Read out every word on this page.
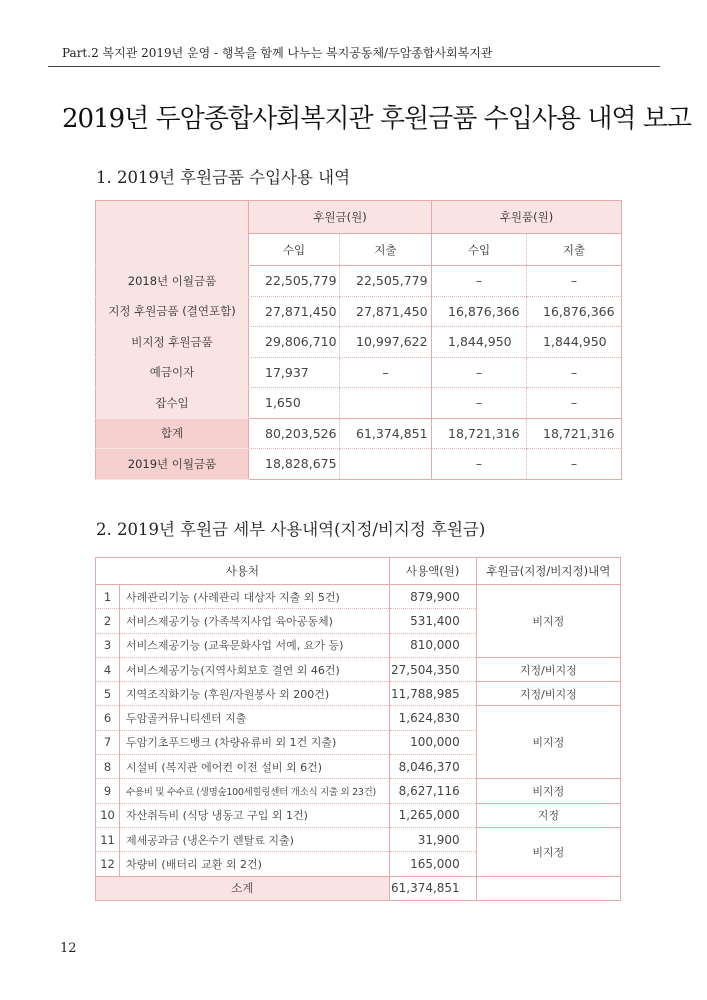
Part.2 복지관 2019년 운영 - 행복을 함께 나누는 복지공동체/두암종합사회복지관
2019년 두암종합사회복지관 후원금품 수입사용 내역 보고
1. 2019년 후원금품 수입사용 내역
	후원금(원)		후원품(원)	
	수입	지출	수입	지출
2018년 이월금품	22,505,779	22,505,779	–	–
지정 후원금품 (결연포함)	27,871,450	27,871,450	16,876,366	16,876,366
비지정 후원금품	29,806,710	10,997,622	1,844,950	1,844,950
예금이자	17,937	–	–	–
잡수입	1,650		–	–
합계	80,203,526	61,374,851	18,721,316	18,721,316
2019년 이월금품	18,828,675		–	–
2. 2019년 후원금 세부 사용내역(지정/비지정 후원금)
사용처		사용액(원)	후원금(지정/비지정)내역
1	사례관리기능 (사례관리 대상자 지출 외 5건)	879,900	비지정
2	서비스제공기능 (가족복지사업 육아공동체)	531,400	
3	서비스제공기능 (교육문화사업 서예, 요가 등)	810,000	
4	서비스제공기능(지역사회보호 결연 외 46건)	27,504,350	지정/비지정
5	지역조직화기능 (후원/자원봉사 외 200건)	11,788,985	지정/비지정
6	두암골커뮤니티센터 지출	1,624,830	비지정
7	두암기초푸드뱅크 (차량유류비 외 1건 지출)	100,000	
8	시설비 (복지관 에어컨 이전 설비 외 6건)	8,046,370	
9	수용비 및 수수료 (생명숲100세힐링센터 개소식 지출 외 23건)	8,627,116	비지정
10	자산취득비 (식당 냉동고 구입 외 1건)	1,265,000	지정
11	제세공과금 (냉온수기 렌탈료 지출)	31,900	비지정
12	차량비 (배터리 교환 외 2건)	165,000	
소계		61,374,851	
12
